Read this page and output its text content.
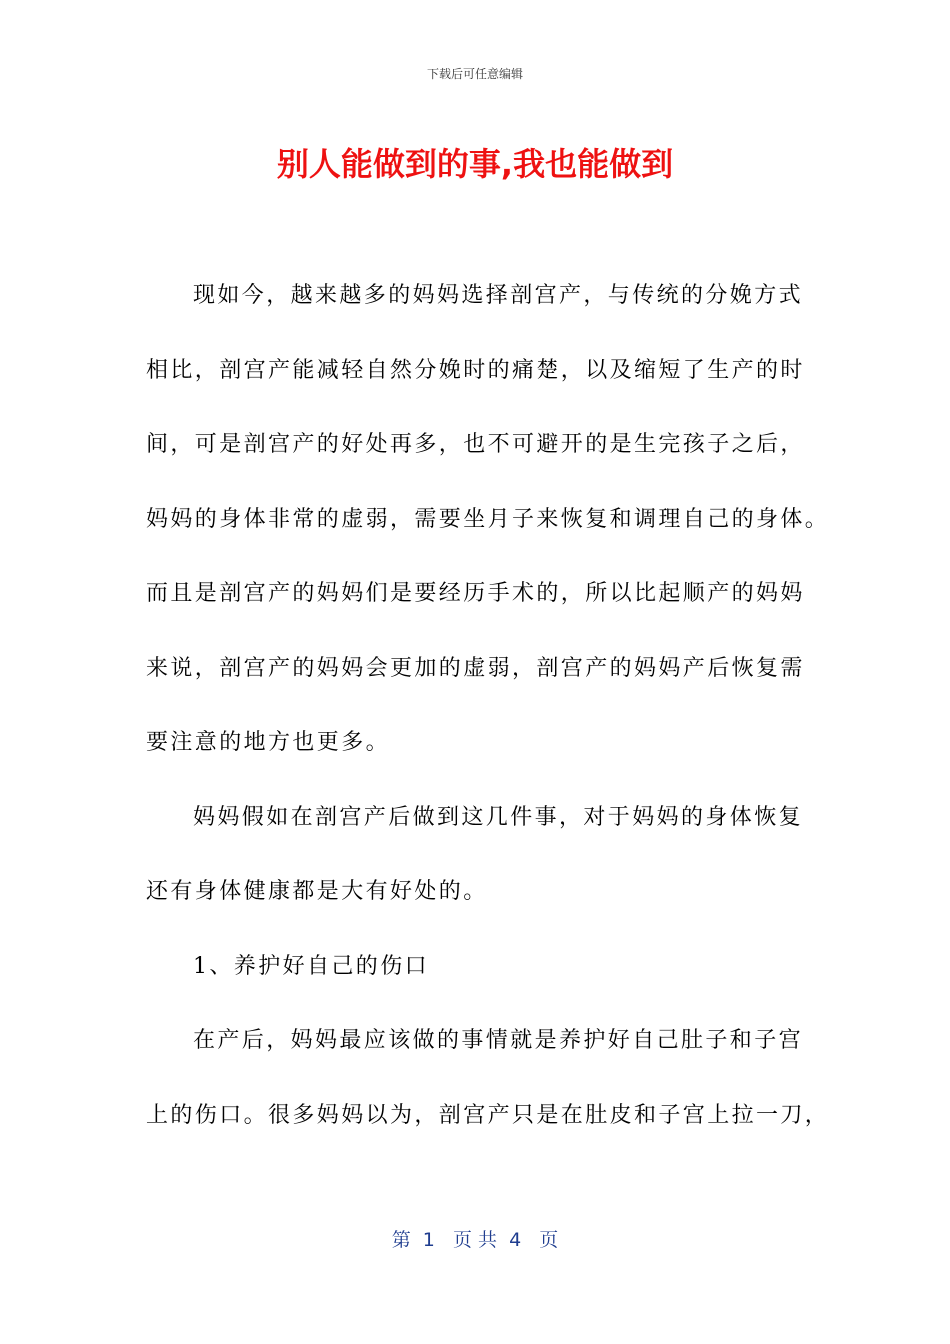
下载后可任意编辑
别人能做到的事,我也能做到
现如今，越来越多的妈妈选择剖宫产，与传统的分娩方式
相比，剖宫产能减轻自然分娩时的痛楚，以及缩短了生产的时
间，可是剖宫产的好处再多，也不可避开的是生完孩子之后，
妈妈的身体非常的虚弱，需要坐月子来恢复和调理自己的身体。
而且是剖宫产的妈妈们是要经历手术的，所以比起顺产的妈妈
来说，剖宫产的妈妈会更加的虚弱，剖宫产的妈妈产后恢复需
要注意的地方也更多。
妈妈假如在剖宫产后做到这几件事，对于妈妈的身体恢复
还有身体健康都是大有好处的。
1、养护好自己的伤口
在产后，妈妈最应该做的事情就是养护好自己肚子和子宫
上的伤口。很多妈妈以为，剖宫产只是在肚皮和子宫上拉一刀，
第  1   页 共  4   页
